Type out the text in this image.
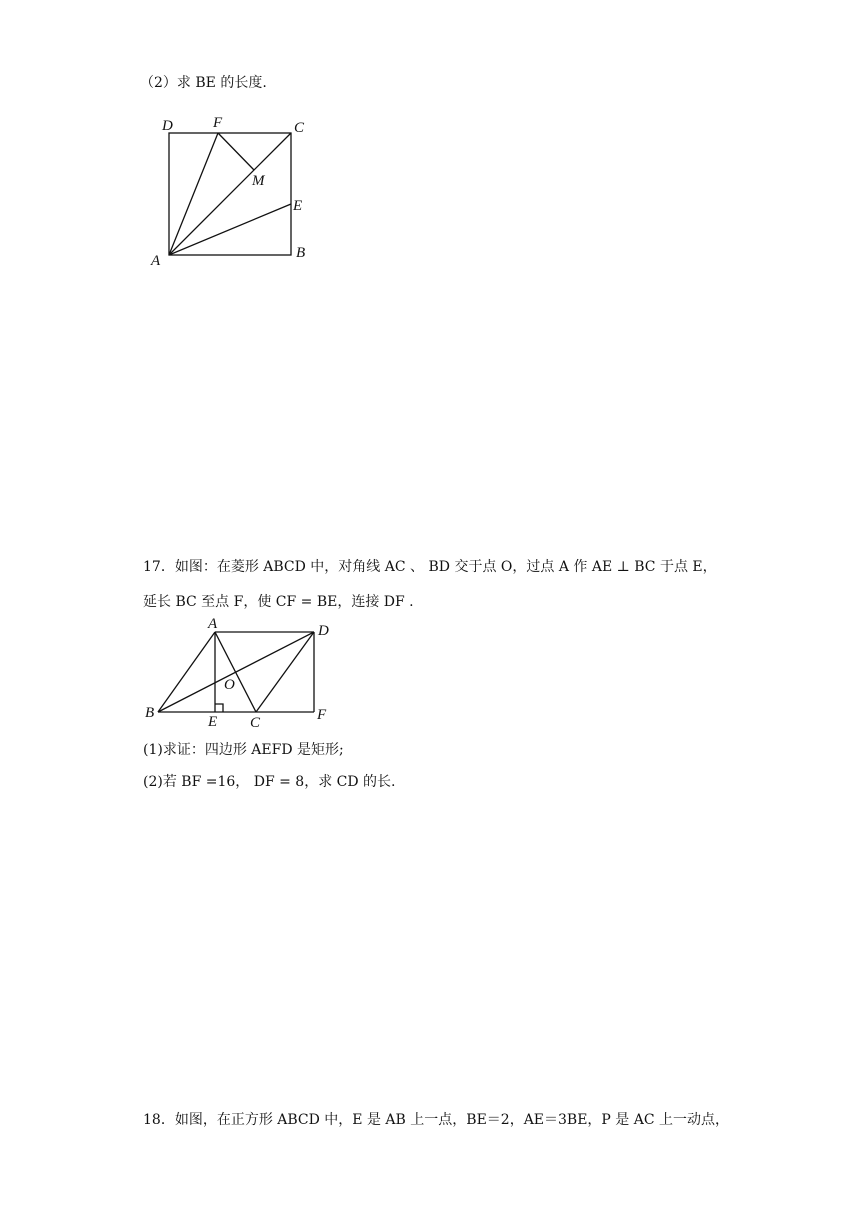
（2）求 BE 的长度.
D	F	C
M
E
A	B
17．如图：在菱形 ABCD 中，对角线 AC 、 BD 交于点 O，过点 A 作 AE ⊥ BC 于点 E，
延长 BC 至点 F，使 CF = BE，连接 DF .
A	D
O
B
E C	F
(1)求证：四边形 AEFD 是矩形;
(2)若 BF =16， DF = 8，求 CD 的长.
18．如图，在正方形 ABCD 中，E 是 AB 上一点，BE＝2，AE＝3BE，P 是 AC 上一动点，
